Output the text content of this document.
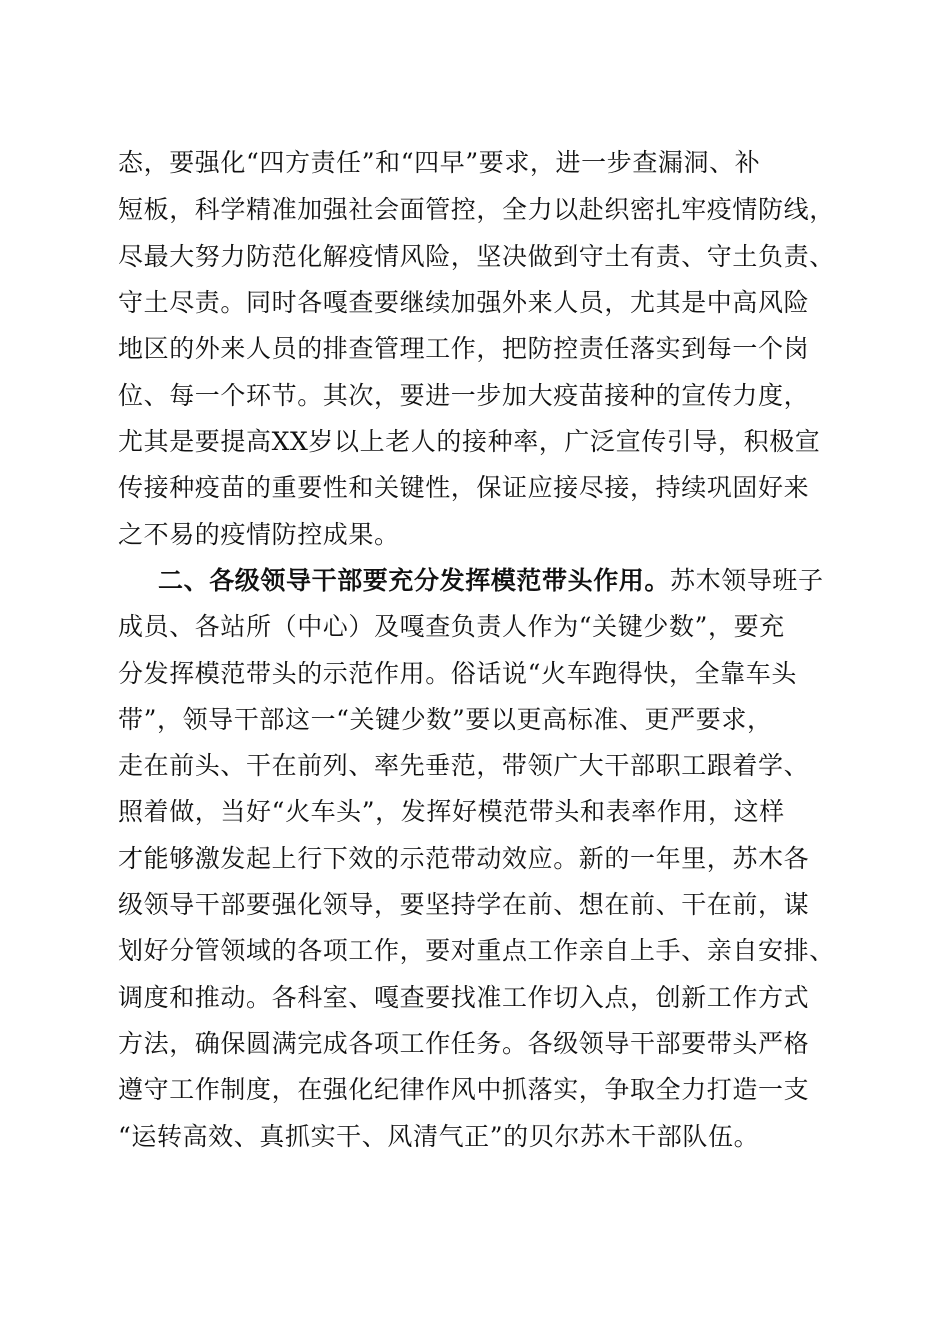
态，要强化“四方责任”和“四早”要求，进一步查漏洞、补
短板，科学精准加强社会面管控，全力以赴织密扎牢疫情防线，
尽最大努力防范化解疫情风险，坚决做到守土有责、守土负责、
守土尽责。同时各嘎查要继续加强外来人员，尤其是中高风险
地区的外来人员的排查管理工作，把防控责任落实到每一个岗
位、每一个环节。其次，要进一步加大疫苗接种的宣传力度，
尤其是要提高XX岁以上老人的接种率，广泛宣传引导，积极宣
传接种疫苗的重要性和关键性，保证应接尽接，持续巩固好来
之不易的疫情防控成果。
二、各级领导干部要充分发挥模范带头作用。苏木领导班子
成员、各站所（中心）及嘎查负责人作为“关键少数”，要充
分发挥模范带头的示范作用。俗话说“火车跑得快，全靠车头
带”，领导干部这一“关键少数”要以更高标准、更严要求，
走在前头、干在前列、率先垂范，带领广大干部职工跟着学、
照着做，当好“火车头”，发挥好模范带头和表率作用，这样
才能够激发起上行下效的示范带动效应。新的一年里，苏木各
级领导干部要强化领导，要坚持学在前、想在前、干在前，谋
划好分管领域的各项工作，要对重点工作亲自上手、亲自安排、
调度和推动。各科室、嘎查要找准工作切入点，创新工作方式
方法，确保圆满完成各项工作任务。各级领导干部要带头严格
遵守工作制度，在强化纪律作风中抓落实，争取全力打造一支
“运转高效、真抓实干、风清气正”的贝尔苏木干部队伍。
